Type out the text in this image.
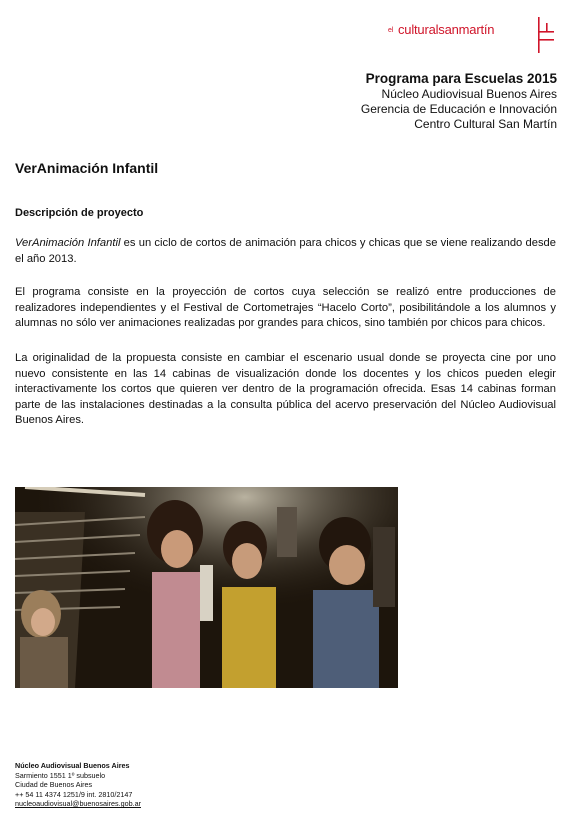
el culturalsanmartín
Programa para Escuelas 2015
Núcleo Audiovisual Buenos Aires
Gerencia de Educación e Innovación
Centro Cultural San Martín
VerAnimación Infantil
Descripción de proyecto
VerAnimación Infantil es un ciclo de cortos de animación para chicos y chicas que se viene realizando desde el año 2013.
El programa consiste en la proyección de cortos cuya selección se realizó entre producciones de realizadores independientes y el Festival de Cortometrajes “Hacelo Corto”, posibilitándole a los alumnos y alumnas no sólo ver animaciones realizadas por grandes para chicos, sino también por chicos para chicos.
La originalidad de la propuesta consiste en cambiar el escenario usual donde se proyecta cine por uno nuevo consistente en las 14 cabinas de visualización donde los docentes y los chicos pueden elegir interactivamente los cortos que quieren ver dentro de la programación ofrecida. Esas 14 cabinas forman parte de las instalaciones destinadas a la consulta pública del acervo preservación del Núcleo Audiovisual Buenos Aires.
Núcleo Audiovisual Buenos Aires
Sarmiento 1551 1º subsuelo
Ciudad de Buenos Aires
++ 54 11 4374 1251/9 int. 2810/2147
nucleoaudiovisual@buenosaires.gob.ar
